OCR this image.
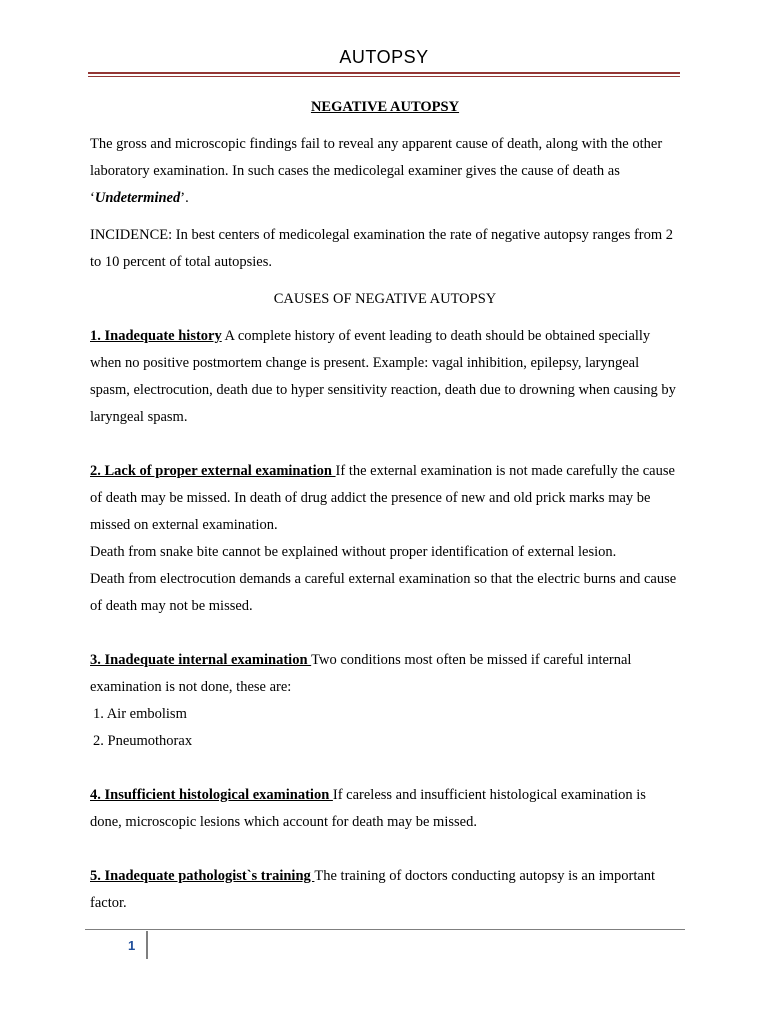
AUTOPSY

NEGATIVE AUTOPSY

The gross and microscopic findings fail to reveal any apparent cause of death, along with the other laboratory examination. In such cases the medicolegal examiner gives the cause of death as ‘Undetermined’.

INCIDENCE: In best centers of medicolegal examination the rate of negative autopsy ranges from 2 to 10 percent of total autopsies.

CAUSES OF NEGATIVE AUTOPSY

1. Inadequate history A complete history of event leading to death should be obtained specially when no positive postmortem change is present. Example: vagal inhibition, epilepsy, laryngeal spasm, electrocution, death due to hyper sensitivity reaction, death due to drowning when causing by laryngeal spasm.

2. Lack of proper external examination If the external examination is not made carefully the cause of death may be missed. In death of drug addict the presence of new and old prick marks may be missed on external examination.

Death from snake bite cannot be explained without proper identification of external lesion.

Death from electrocution demands a careful external examination so that the electric burns and cause of death may not be missed.

3. Inadequate internal examination Two conditions most often be missed if careful internal examination is not done, these are:

1. Air embolism

2. Pneumothorax

4. Insufficient histological examination If careless and insufficient histological examination is done, microscopic lesions which account for death may be missed.

5. Inadequate pathologist`s training The training of doctors conducting autopsy is an important factor.

1
